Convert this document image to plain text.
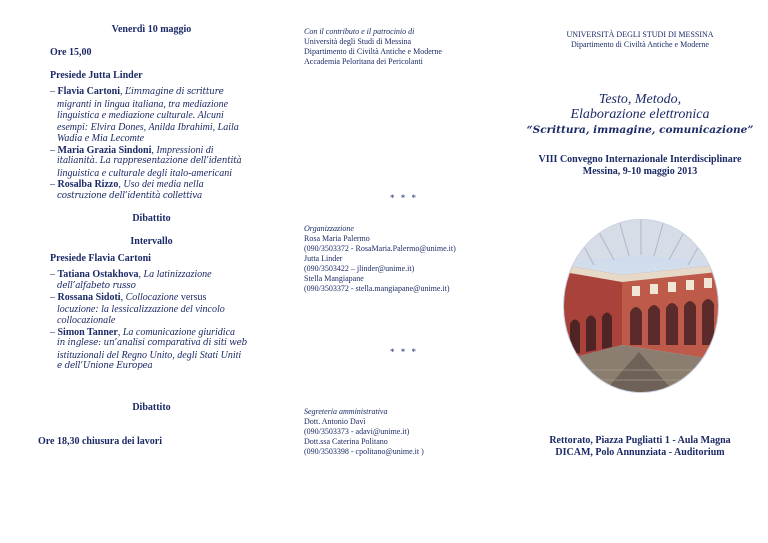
Venerdì 10 maggio
Ore 15,00
Presiede Jutta Linder
– Flavia Cartoni, L’immagine di scritture

migranti in lingua italiana, tra mediazione linguistica e mediazione culturale. Alcuni esempi: Elvira Dones, Anilda Ibrahimi, Laila Wadia e Mia Lecomte
– Maria Grazia Sindoni, Impressioni di

italianità. La rappresentazione dell’identità
linguistica e culturale degli italo-americani
– Rosalba Rizzo, Uso dei media nella

costruzione dell’identità collettiva
Dibattito
Intervallo
Presiede Flavia Cartoni
– Tatiana Ostakhova, La latinizzazione

dell’alfabeto russo
– Rossana Sidoti, Collocazione versus

locuzione: la lessicalizzazione del vincolo collocazionale
– Simon Tanner, La comunicazione giuridica

in inglese: un’analisi comparativa di siti web
istituzionali del Regno Unito, degli Stati Uniti
e dell’Unione Europea
Dibattito
Ore 18,30 chiusura dei lavori
Con il contributo e il patrocinio di
Università degli Studi di Messina
Dipartimento di Civiltà Antiche e Moderne
Accademia Peloritana dei Pericolanti
* * *
Organizzazione
Rosa Maria Palermo
(090/3503372 - RosaMaria.Palermo@unime.it)
Jutta Linder
(090/3503422 – jlinder@unime.it)
Stella Mangiapane
(090/3503372 - stella.mangiapane@unime.it)
* * *
Segreteria amministrativa
Dott. Antonio Davì
(090/3503373 - adavi@unime.it)
Dott.ssa Caterina Politano
(090/3503398 - cpolitano@unime.it )
UNIVERSITÀ DEGLI STUDI DI MESSINA
Dipartimento di Civiltà Antiche e Moderne
Testo, Metodo,
Elaborazione elettronica
“Scrittura, immagine, comunicazione”
VIII Convegno Internazionale Interdisciplinare
Messina, 9-10 maggio 2013
Rettorato, Piazza Pugliatti 1 - Aula Magna
DICAM, Polo Annunziata - Auditorium
